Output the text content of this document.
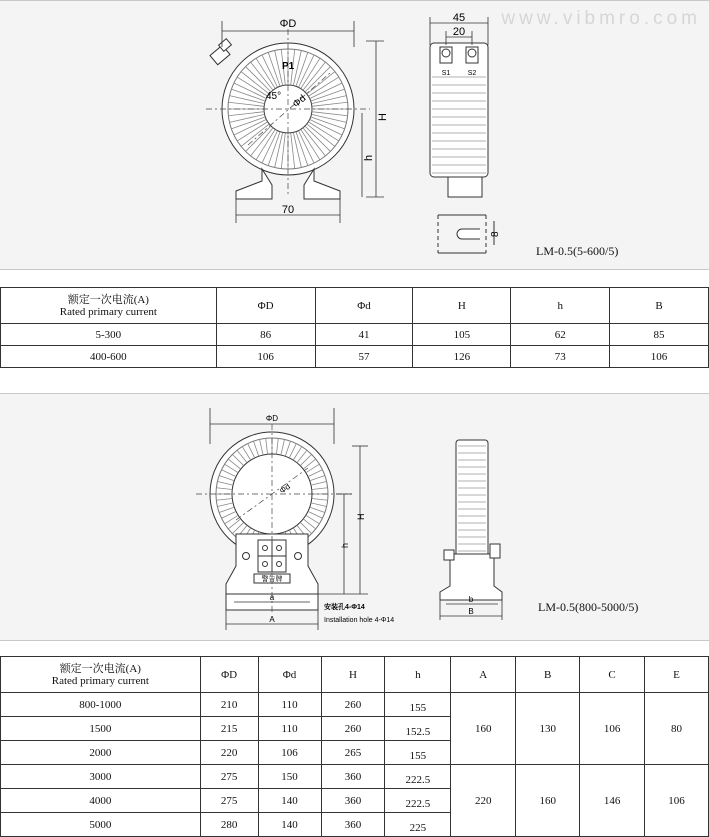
www.vibmro.com
ΦD
P1
45° Φd
H
h
70
45
20
S1 S2
8
LM-0.5(5-600/5)
额定一次电流(A)
Rated primary current	ΦD	Φd	H	h	B
5-300	86	41	105	62	85
400-600	106	57	126	73	106
警告牌
ΦD
Φd
H
h
a
A
安装孔4-Φ14
Installation hole 4-Φ14
b
B	LM-0.5(800-5000/5)
额定一次电流(A)
Rated primary current	ΦD	Φd	H	h	A	B	C	E
800-1000	210	110	260	155	160	130	106	80
1500	215	110	260	152.5				
2000	220	106	265	155				
3000	275	150	360	222.5	220	160	146	106
4000	275	140	360	222.5				
5000	280	140	360	225				
